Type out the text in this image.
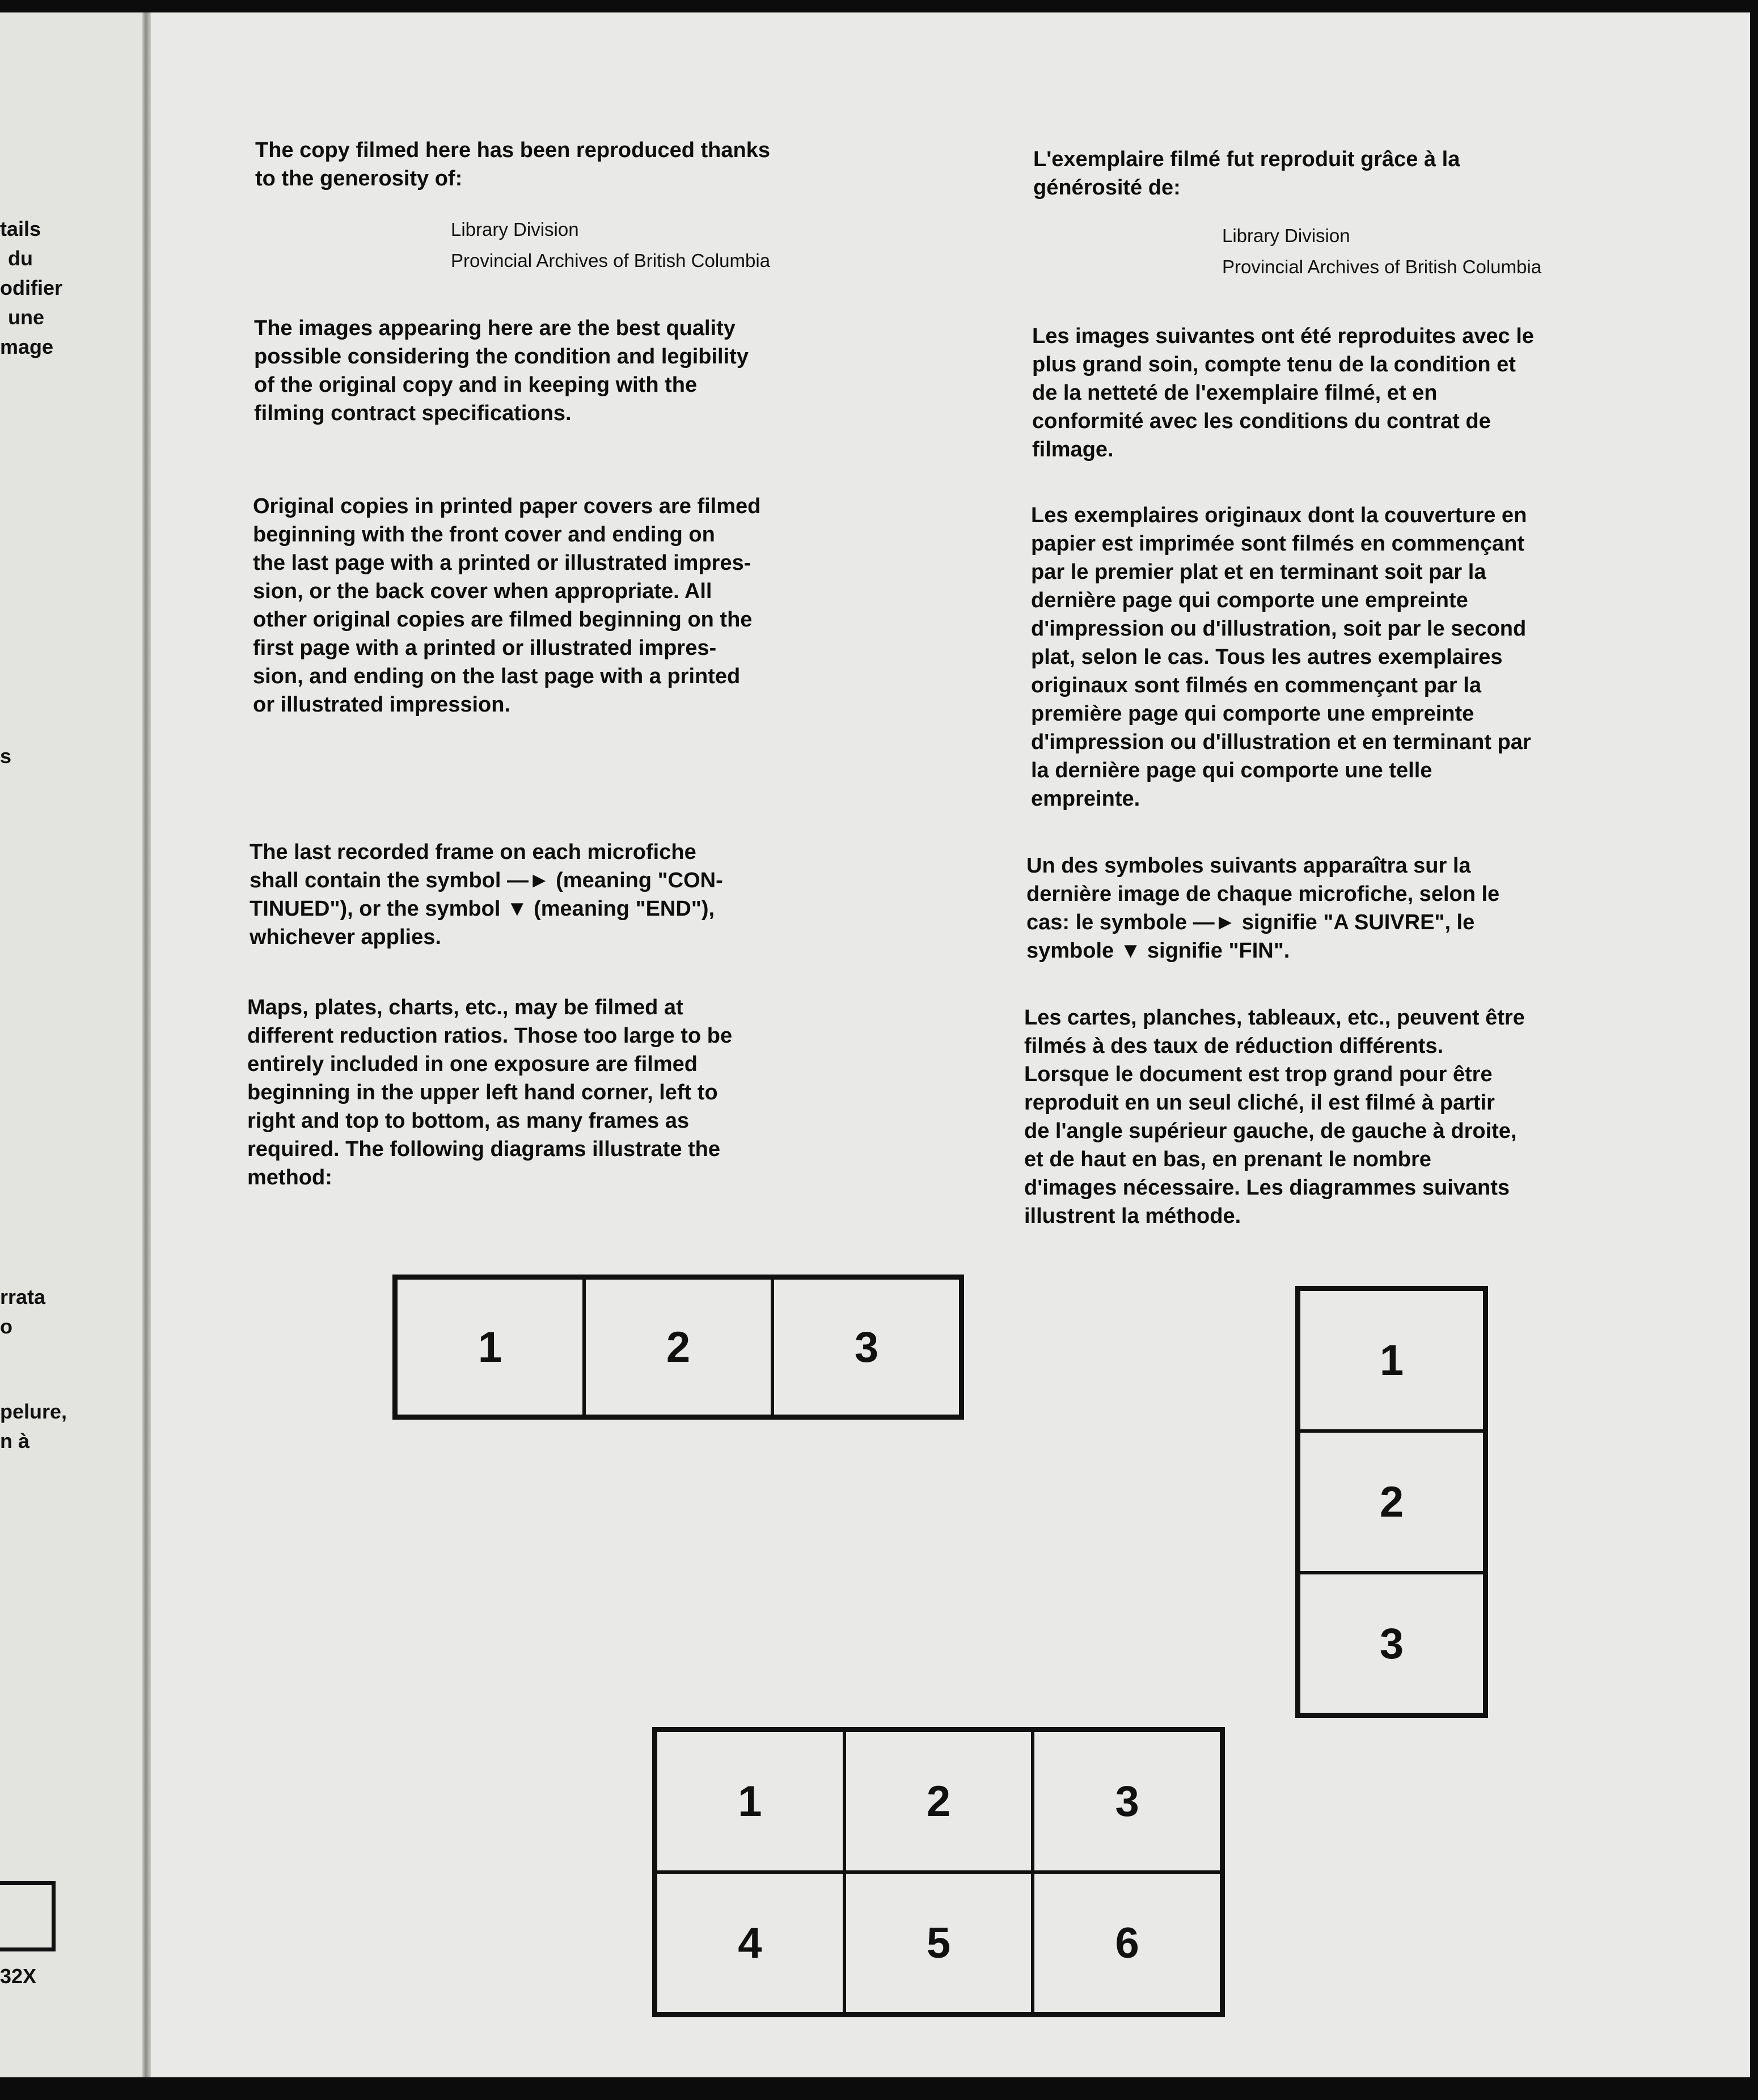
tails
du
odifier
une
mage
s
rrata
o
pelure,
n à
32X

The copy filmed here has been reproduced thanks
to the generosity of:

Library Division
Provincial Archives of British Columbia

The images appearing here are the best quality
possible considering the condition and legibility
of the original copy and in keeping with the
filming contract specifications.

Original copies in printed paper covers are filmed
beginning with the front cover and ending on
the last page with a printed or illustrated impres-
sion, or the back cover when appropriate. All
other original copies are filmed beginning on the
first page with a printed or illustrated impres-
sion, and ending on the last page with a printed
or illustrated impression.

The last recorded frame on each microfiche
shall contain the symbol —► (meaning "CON-
TINUED"), or the symbol ▼ (meaning "END"),
whichever applies.

Maps, plates, charts, etc., may be filmed at
different reduction ratios. Those too large to be
entirely included in one exposure are filmed
beginning in the upper left hand corner, left to
right and top to bottom, as many frames as
required. The following diagrams illustrate the
method:

L'exemplaire filmé fut reproduit grâce à la
générosité de:

Library Division
Provincial Archives of British Columbia

Les images suivantes ont été reproduites avec le
plus grand soin, compte tenu de la condition et
de la netteté de l'exemplaire filmé, et en
conformité avec les conditions du contrat de
filmage.

Les exemplaires originaux dont la couverture en
papier est imprimée sont filmés en commençant
par le premier plat et en terminant soit par la
dernière page qui comporte une empreinte
d'impression ou d'illustration, soit par le second
plat, selon le cas. Tous les autres exemplaires
originaux sont filmés en commençant par la
première page qui comporte une empreinte
d'impression ou d'illustration et en terminant par
la dernière page qui comporte une telle
empreinte.

Un des symboles suivants apparaîtra sur la
dernière image de chaque microfiche, selon le
cas: le symbole —► signifie "A SUIVRE", le
symbole ▼ signifie "FIN".

Les cartes, planches, tableaux, etc., peuvent être
filmés à des taux de réduction différents.
Lorsque le document est trop grand pour être
reproduit en un seul cliché, il est filmé à partir
de l'angle supérieur gauche, de gauche à droite,
et de haut en bas, en prenant le nombre
d'images nécessaire. Les diagrammes suivants
illustrent la méthode.

1	2	3	1
2
3
1	2	3
4	5	6
